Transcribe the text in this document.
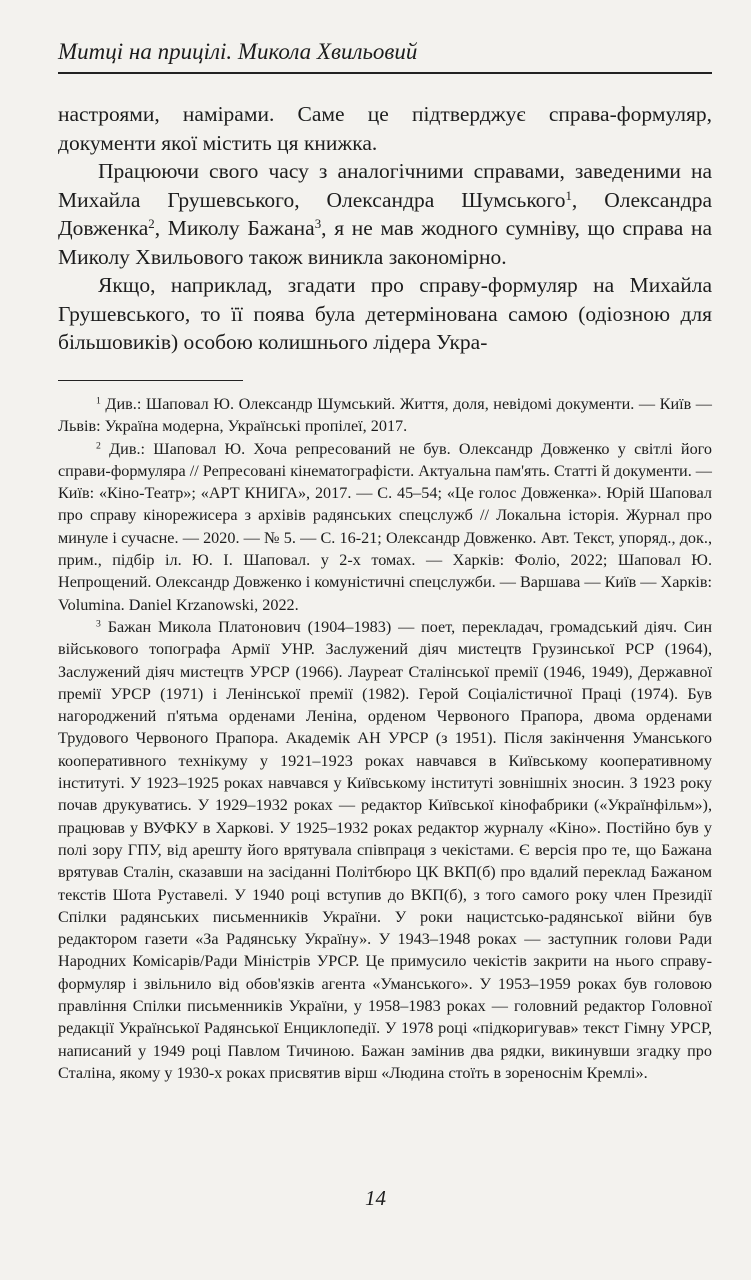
Митці на прицілі. Микола Хвильовий

настроями, намірами. Саме це підтверджує справа-формуляр, документи якої містить ця книжка.

Працюючи свого часу з аналогічними справами, заведеними на Михайла Грушевського, Олександра Шумського$^1$, Олександра Довженка$^2$, Миколу Бажана$^3$, я не мав жодного сумніву, що справа на Миколу Хвильового також виникла закономірно.

Якщо, наприклад, згадати про справу-формуляр на Михайла Грушевського, то її поява була детермінована самою (одіозною для більшовиків) особою колишнього лідера Укра-

$^1$ Див.: Шаповал Ю. Олександр Шумський. Життя, доля, невідомі документи. — Київ — Львів: Україна модерна, Українські пропілеї, 2017.

$^2$ Див.: Шаповал Ю. Хоча репресований не був. Олександр Довженко у світлі його справи-формуляра // Репресовані кінематографісти. Актуальна пам'ять. Статті й документи. — Київ: «Кіно-Театр»; «АРТ КНИГА», 2017. — С. 45–54; «Це голос Довженка». Юрій Шаповал про справу кінорежисера з архівів радянських спецслужб // Локальна історія. Журнал про минуле і сучасне. — 2020. — № 5. — С. 16-21; Олександр Довженко. Авт. Текст, упоряд., док., прим., підбір іл. Ю. І. Шаповал. у 2-х томах. — Харків: Фоліо, 2022; Шаповал Ю. Непрощений. Олександр Довженко і комуністичні спецслужби. — Варшава — Київ — Харків: Volumina. Daniel Krzanowski, 2022.

$^3$ Бажан Микола Платонович (1904–1983) — поет, перекладач, громадський діяч. Син військового топографа Армії УНР. Заслужений діяч мистецтв Грузинської РСР (1964), Заслужений діяч мистецтв УРСР (1966). Лауреат Сталінської премії (1946, 1949), Державної премії УРСР (1971) і Ленінської премії (1982). Герой Соціалістичної Праці (1974). Був нагороджений п'ятьма орденами Леніна, орденом Червоного Прапора, двома орденами Трудового Червоного Прапора. Академік АН УРСР (з 1951). Після закінчення Уманського кооперативного технікуму у 1921–1923 роках навчався в Київському кооперативному інституті. У 1923–1925 роках навчався у Київському інституті зовнішніх зносин. З 1923 року почав друкуватись. У 1929–1932 роках — редактор Київської кінофабрики («Українфільм»), працював у ВУФКУ в Харкові. У 1925–1932 роках редактор журналу «Кіно». Постійно був у полі зору ГПУ, від арешту його врятувала співпраця з чекістами. Є версія про те, що Бажана врятував Сталін, сказавши на засіданні Політбюро ЦК ВКП(б) про вдалий переклад Бажаном текстів Шота Руставелі. У 1940 році вступив до ВКП(б), з того самого року член Президії Спілки радянських письменників України. У роки нацистсько-радянської війни був редактором газети «За Радянську Україну». У 1943–1948 роках — заступник голови Ради Народних Комісарів/Ради Міністрів УРСР. Це примусило чекістів закрити на нього справу-формуляр і звільнило від обов'язків агента «Уманського». У 1953–1959 роках був головою правління Спілки письменників України, у 1958–1983 роках — головний редактор Головної редакції Української Радянської Енциклопедії. У 1978 році «підкоригував» текст Гімну УРСР, написаний у 1949 році Павлом Тичиною. Бажан замінив два рядки, викинувши згадку про Сталіна, якому у 1930-х роках присвятив вірш «Людина стоїть в зореноснім Кремлі».

14
